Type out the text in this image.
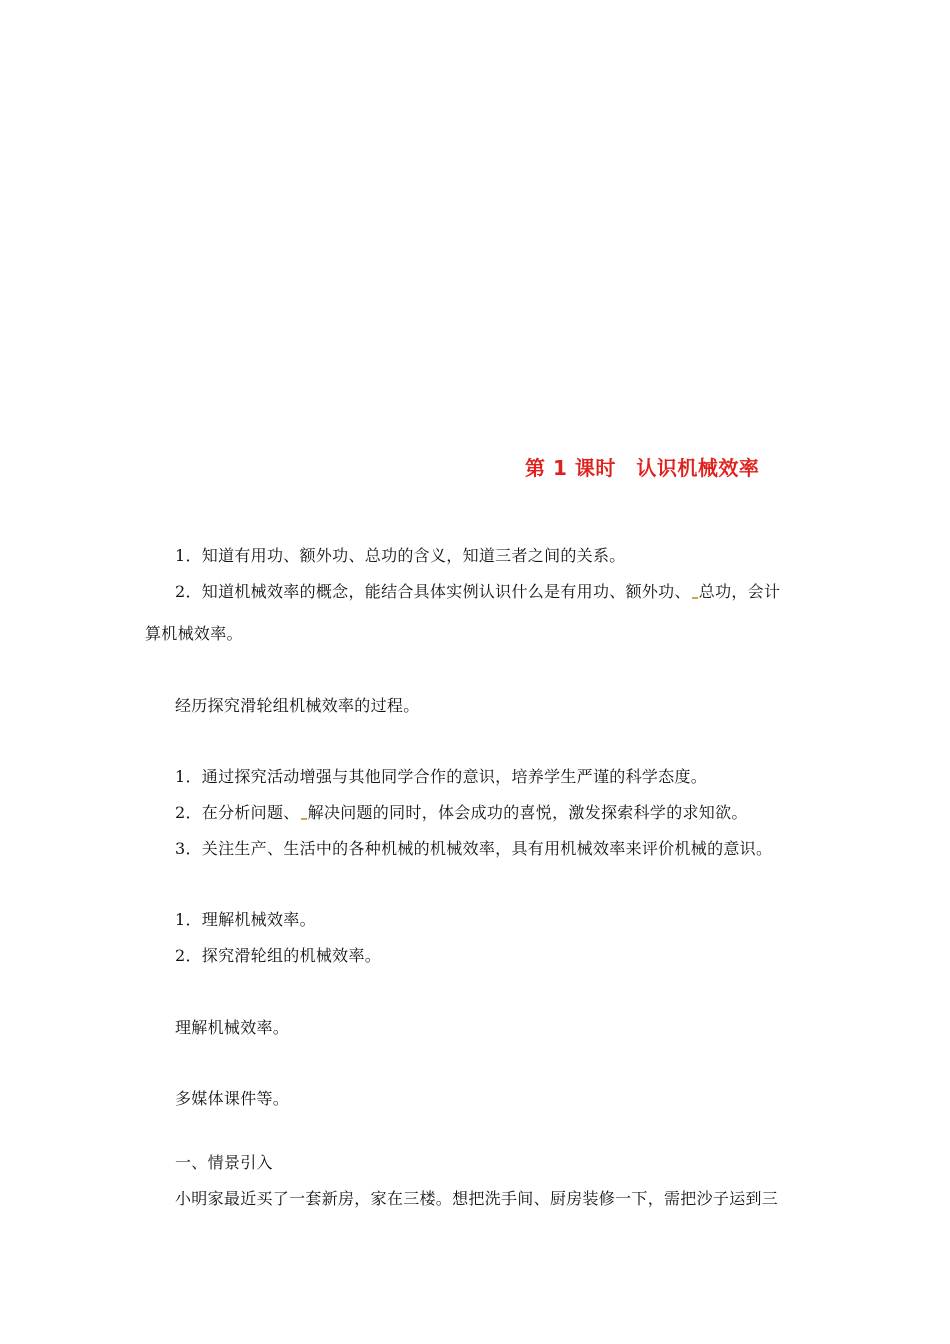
第 1 课时　认识机械效率
1．知道有用功、额外功、总功的含义，知道三者之间的关系。
2．知道机械效率的概念，能结合具体实例认识什么是有用功、额外功、 总功，会计
算机械效率。
经历探究滑轮组机械效率的过程。
1．通过探究活动增强与其他同学合作的意识，培养学生严谨的科学态度。
2．在分析问题、 解决问题的同时，体会成功的喜悦，激发探索科学的求知欲。
3．关注生产、生活中的各种机械的机械效率，具有用机械效率来评价机械的意识。
1．理解机械效率。
2．探究滑轮组的机械效率。
理解机械效率。
多媒体课件等。
一、情景引入
小明家最近买了一套新房，家在三楼。想把洗手间、厨房装修一下，需把沙子运到三
